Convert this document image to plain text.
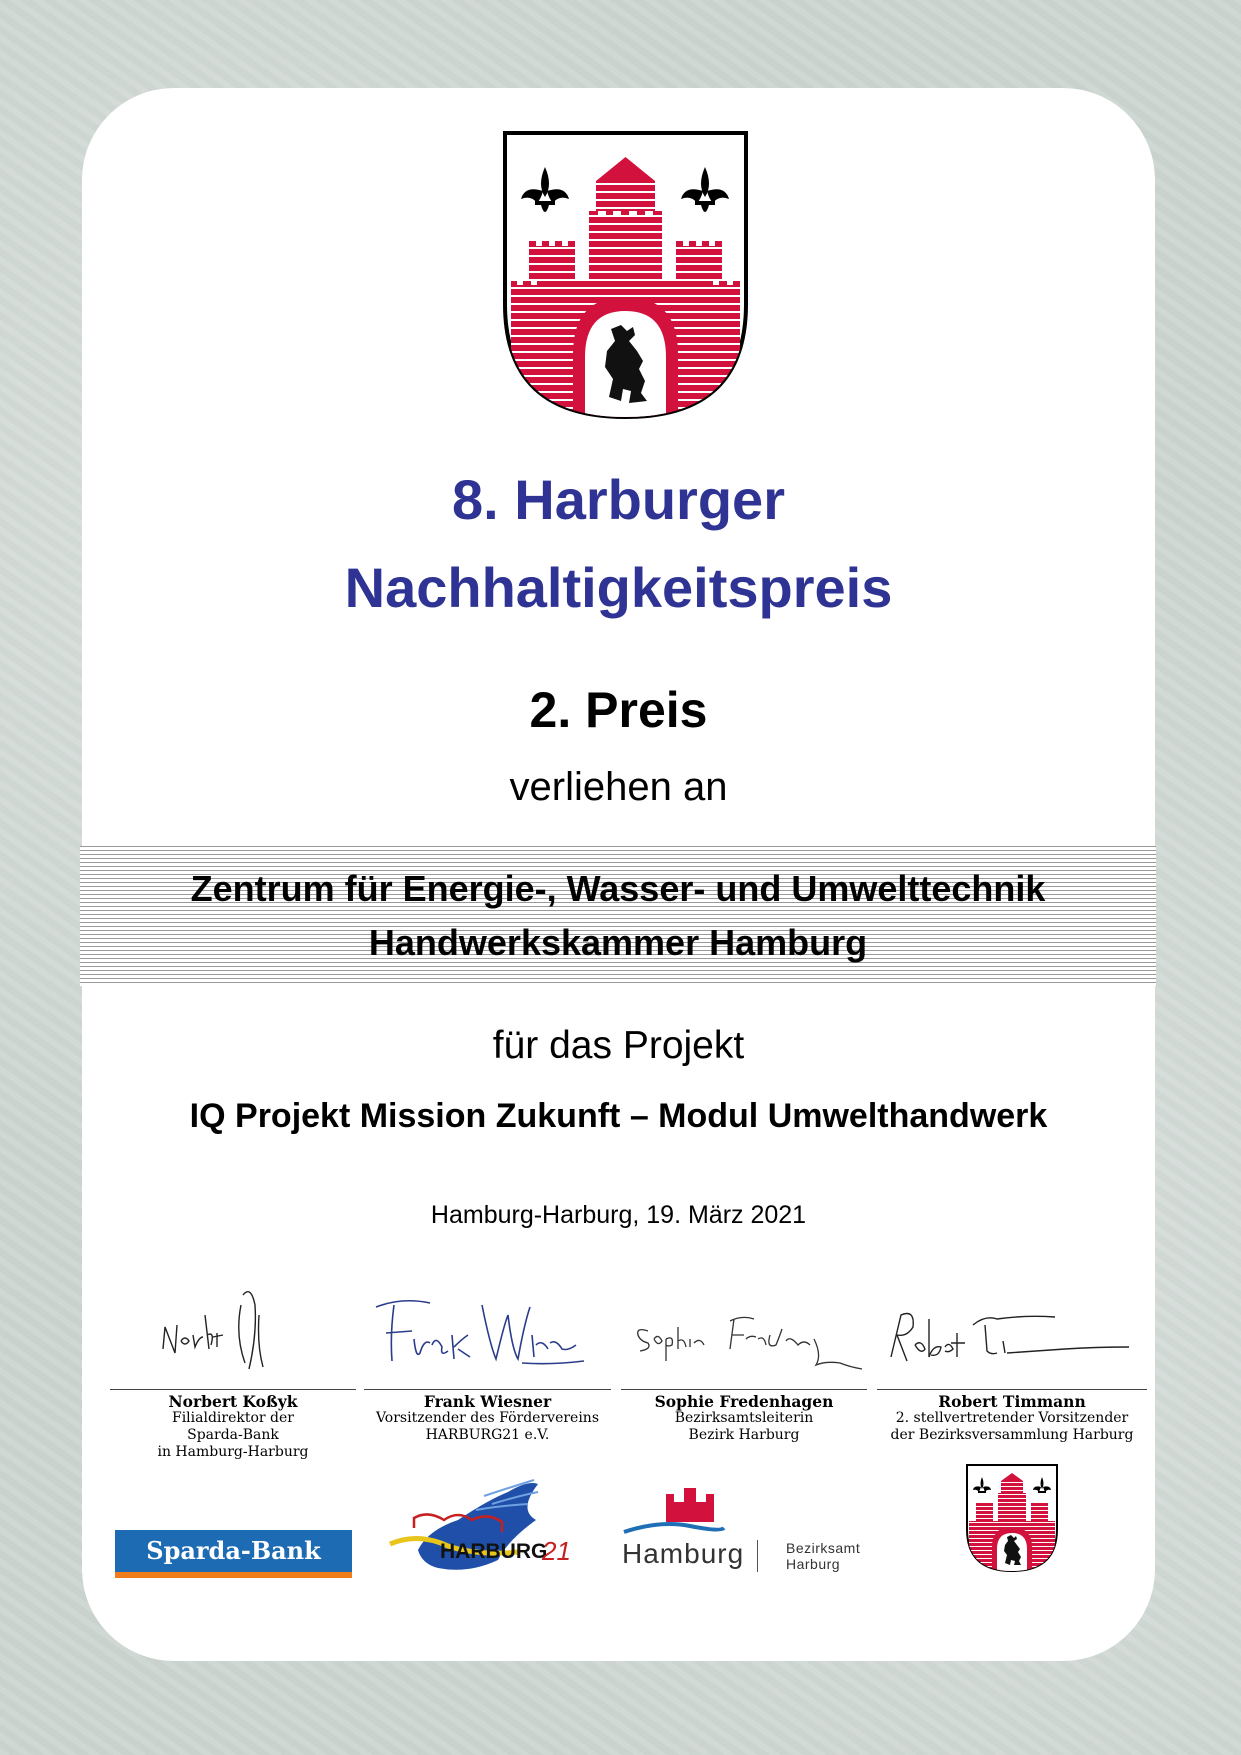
8. Harburger
Nachhaltigkeitspreis
2. Preis
verliehen an
Zentrum für Energie-, Wasser- und Umwelttechnik
Handwerkskammer Hamburg
für das Projekt
IQ Projekt Mission Zukunft – Modul Umwelthandwerk
Hamburg-Harburg, 19. März 2021
Norbert Koßyk
Filialdirektor der
Sparda-Bank
in Hamburg-Harburg
Frank Wiesner
Vorsitzender des Fördervereins
HARBURG21 e.V.
Sophie Fredenhagen
Bezirksamtsleiterin
Bezirk Harburg
Robert Timmann
2. stellvertretender Vorsitzender
der Bezirksversammlung Harburg
Sparda-Bank	HARBURG
21 Hamburg	Bezirksamt
Harburg
